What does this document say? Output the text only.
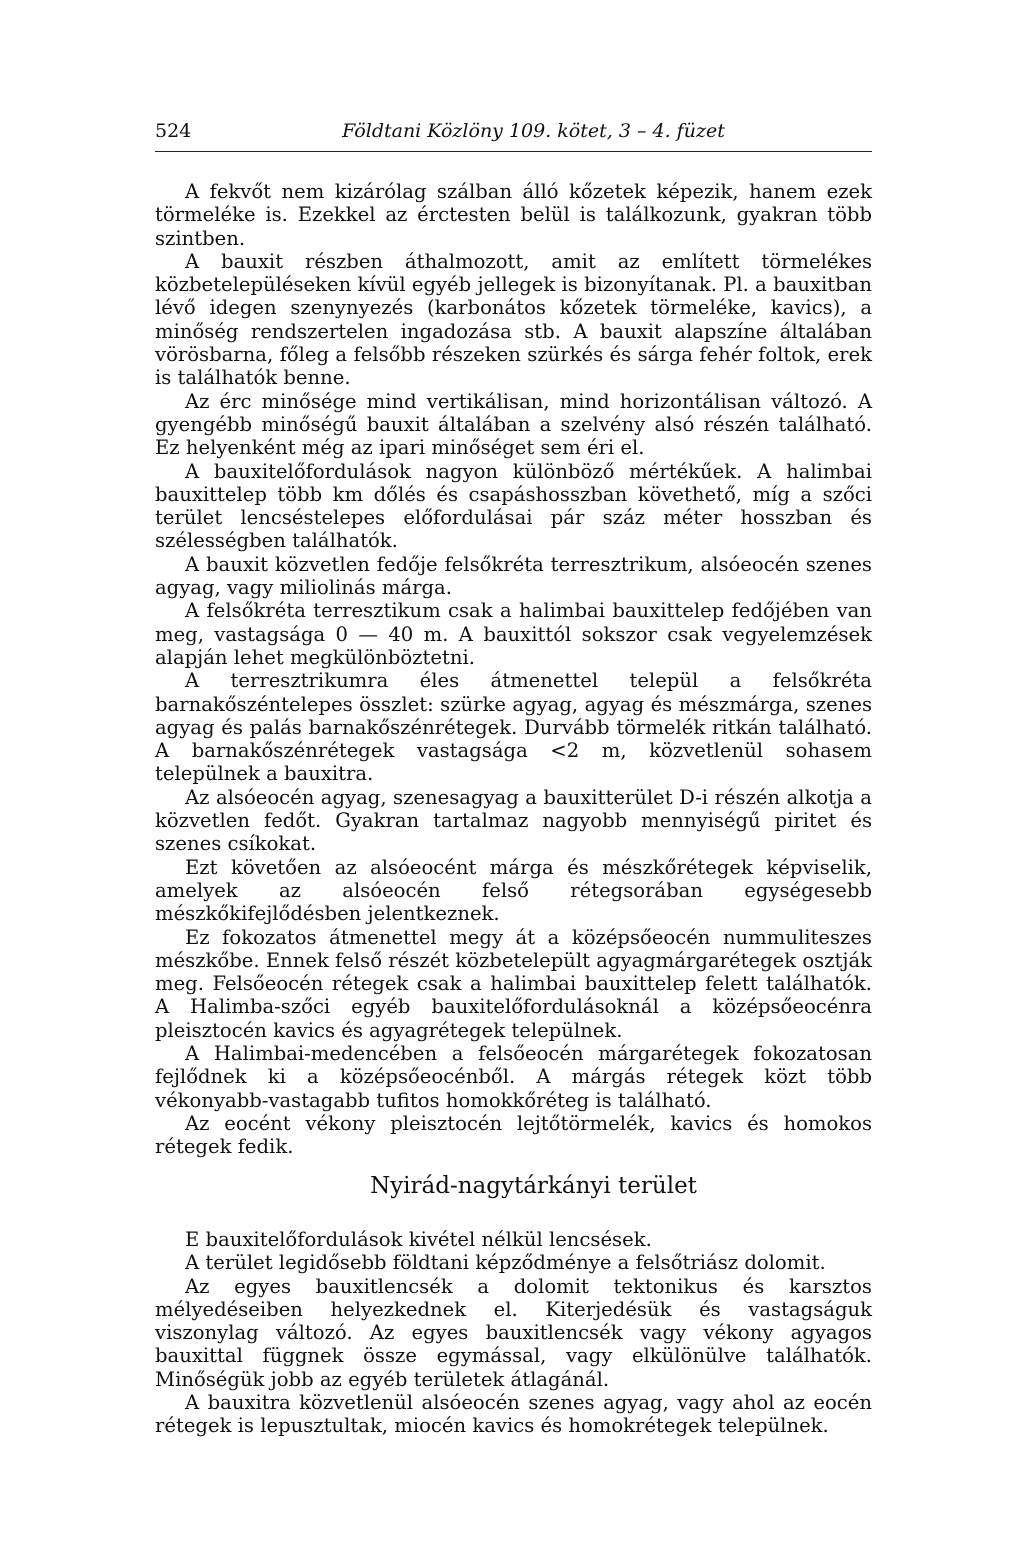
524	Földtani Közlöny 109. kötet, 3 – 4. füzet

A fekvőt nem kizárólag szálban álló kőzetek képezik, hanem ezek törmeléke is. Ezekkel az érctesten belül is találkozunk, gyakran több szintben.

A bauxit részben áthalmozott, amit az említett törmelékes közbetelepüléseken kívül egyéb jellegek is bizonyítanak. Pl. a bauxitban lévő idegen szenynyezés (karbonátos kőzetek törmeléke, kavics), a minőség rendszertelen ingadozása stb. A bauxit alapszíne általában vörösbarna, főleg a felsőbb részeken szürkés és sárga fehér foltok, erek is találhatók benne.

Az érc minősége mind vertikálisan, mind horizontálisan változó. A gyengébb minőségű bauxit általában a szelvény alsó részén található. Ez helyenként még az ipari minőséget sem éri el.

A bauxitelőfordulások nagyon különböző mértékűek. A halimbai bauxittelep több km dőlés és csapáshosszban követhető, míg a szőci terület lencséstelepes előfordulásai pár száz méter hosszban és szélességben találhatók.

A bauxit közvetlen fedője felsőkréta terresztrikum, alsóeocén szenes agyag, vagy miliolinás márga.

A felsőkréta terresztikum csak a halimbai bauxittelep fedőjében van meg, vastagsága 0 — 40 m. A bauxittól sokszor csak vegyelemzések alapján lehet megkülönböztetni.

A terresztrikumra éles átmenettel települ a felsőkréta barnakőszéntelepes összlet: szürke agyag, agyag és mészmárga, szenes agyag és palás barnakőszénrétegek. Durvább törmelék ritkán található. A barnakőszénrétegek vastagsága <2 m, közvetlenül sohasem települnek a bauxitra.

Az alsóeocén agyag, szenesagyag a bauxitterület D-i részén alkotja a közvetlen fedőt. Gyakran tartalmaz nagyobb mennyiségű piritet és szenes csíkokat.

Ezt követően az alsóeocént márga és mészkőrétegek képviselik, amelyek az alsóeocén felső rétegsorában egységesebb mészkőkifejlődésben jelentkeznek.

Ez fokozatos átmenettel megy át a középsőeocén nummuliteszes mészkőbe. Ennek felső részét közbetelepült agyagmárgarétegek osztják meg. Felsőeocén rétegek csak a halimbai bauxittelep felett találhatók. A Halimba-szőci egyéb bauxitelőfordulásoknál a középsőeocénra pleisztocén kavics és agyagrétegek települnek.

A Halimbai-medencében a felsőeocén márgarétegek fokozatosan fejlődnek ki a középsőeocénből. A márgás rétegek közt több vékonyabb-vastagabb tufitos homokkőréteg is található.

Az eocént vékony pleisztocén lejtőtörmelék, kavics és homokos rétegek fedik.

Nyirád-nagytárkányi terület

E bauxitelőfordulások kivétel nélkül lencsések.

A terület legidősebb földtani képződménye a felsőtriász dolomit.

Az egyes bauxitlencsék a dolomit tektonikus és karsztos mélyedéseiben helyezkednek el. Kiterjedésük és vastagságuk viszonylag változó. Az egyes bauxitlencsék vagy vékony agyagos bauxittal függnek össze egymással, vagy elkülönülve találhatók. Minőségük jobb az egyéb területek átlagánál.

A bauxitra közvetlenül alsóeocén szenes agyag, vagy ahol az eocén rétegek is lepusztultak, miocén kavics és homokrétegek települnek.
